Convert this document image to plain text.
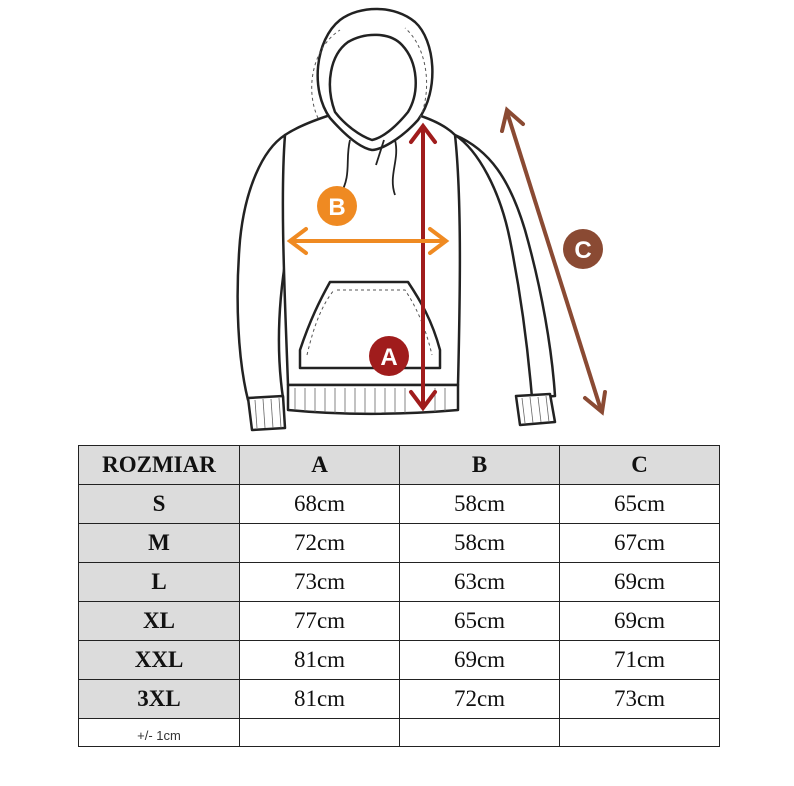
A
B
C
ROZMIAR	A	B	C
S	68cm	58cm	65cm
M	72cm	58cm	67cm
L	73cm	63cm	69cm
XL	77cm	65cm	69cm
XXL	81cm	69cm	71cm
3XL	81cm	72cm	73cm
+/- 1cm			
